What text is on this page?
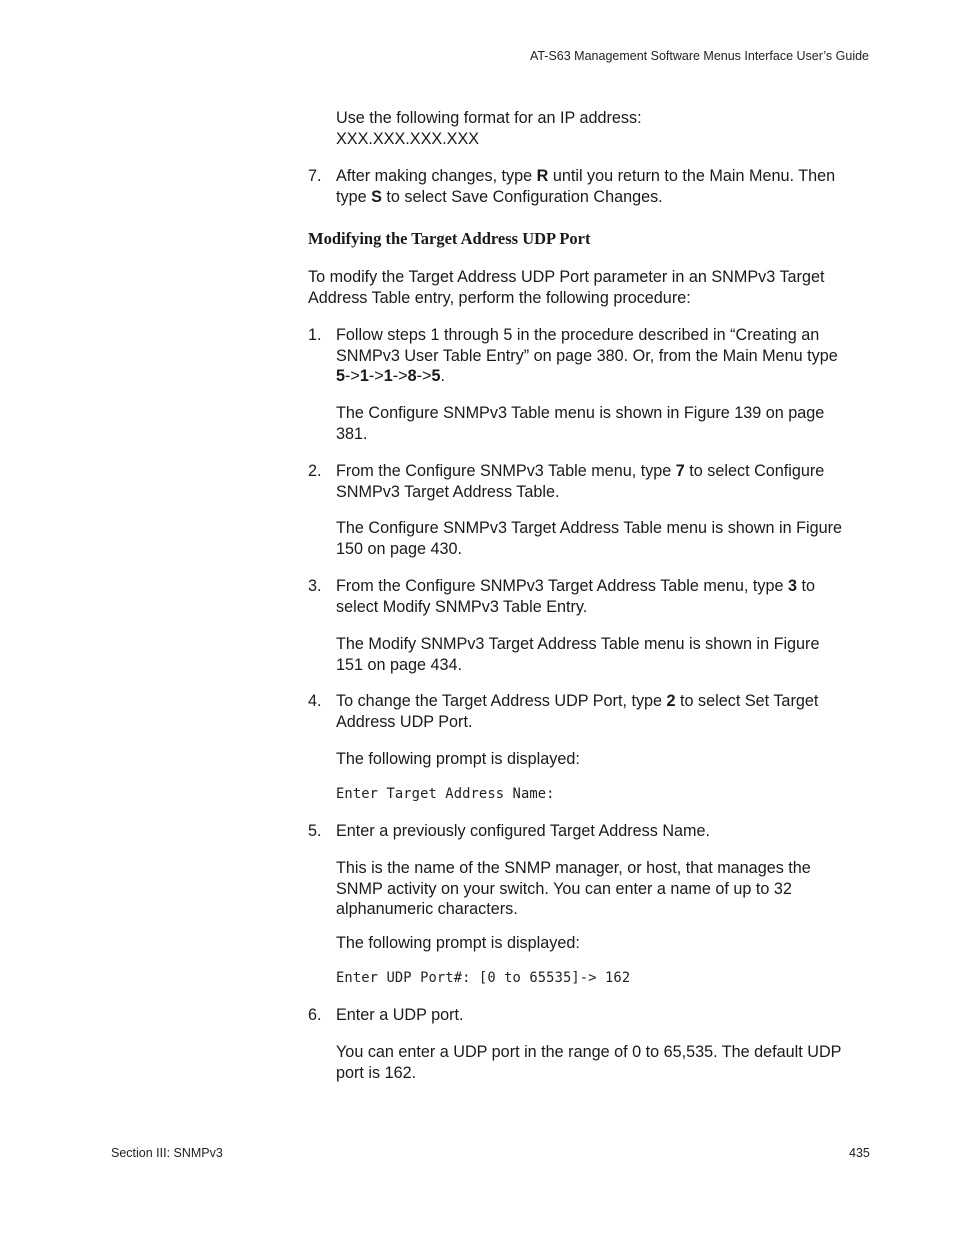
AT-S63 Management Software Menus Interface User’s Guide
Use the following format for an IP address:
XXX.XXX.XXX.XXX
7. After making changes, type R until you return to the Main Menu. Then
type S to select Save Configuration Changes.
Modifying the Target Address UDP Port
To modify the Target Address UDP Port parameter in an SNMPv3 Target
Address Table entry, perform the following procedure:
1. Follow steps 1 through 5 in the procedure described in “Creating an
SNMPv3 User Table Entry” on page 380. Or, from the Main Menu type
5->1->1->8->5.
The Configure SNMPv3 Table menu is shown in Figure 139 on page
381.
2. From the Configure SNMPv3 Table menu, type 7 to select Configure
SNMPv3 Target Address Table.
The Configure SNMPv3 Target Address Table menu is shown in Figure
150 on page 430.
3. From the Configure SNMPv3 Target Address Table menu, type 3 to
select Modify SNMPv3 Table Entry.
The Modify SNMPv3 Target Address Table menu is shown in Figure
151 on page 434.
4. To change the Target Address UDP Port, type 2 to select Set Target
Address UDP Port.
The following prompt is displayed:
Enter Target Address Name:
5. Enter a previously configured Target Address Name.
This is the name of the SNMP manager, or host, that manages the
SNMP activity on your switch. You can enter a name of up to 32
alphanumeric characters.
The following prompt is displayed:
Enter UDP Port#: [0 to 65535]-> 162
6. Enter a UDP port.
You can enter a UDP port in the range of 0 to 65,535. The default UDP
port is 162.
Section III: SNMPv3	435
